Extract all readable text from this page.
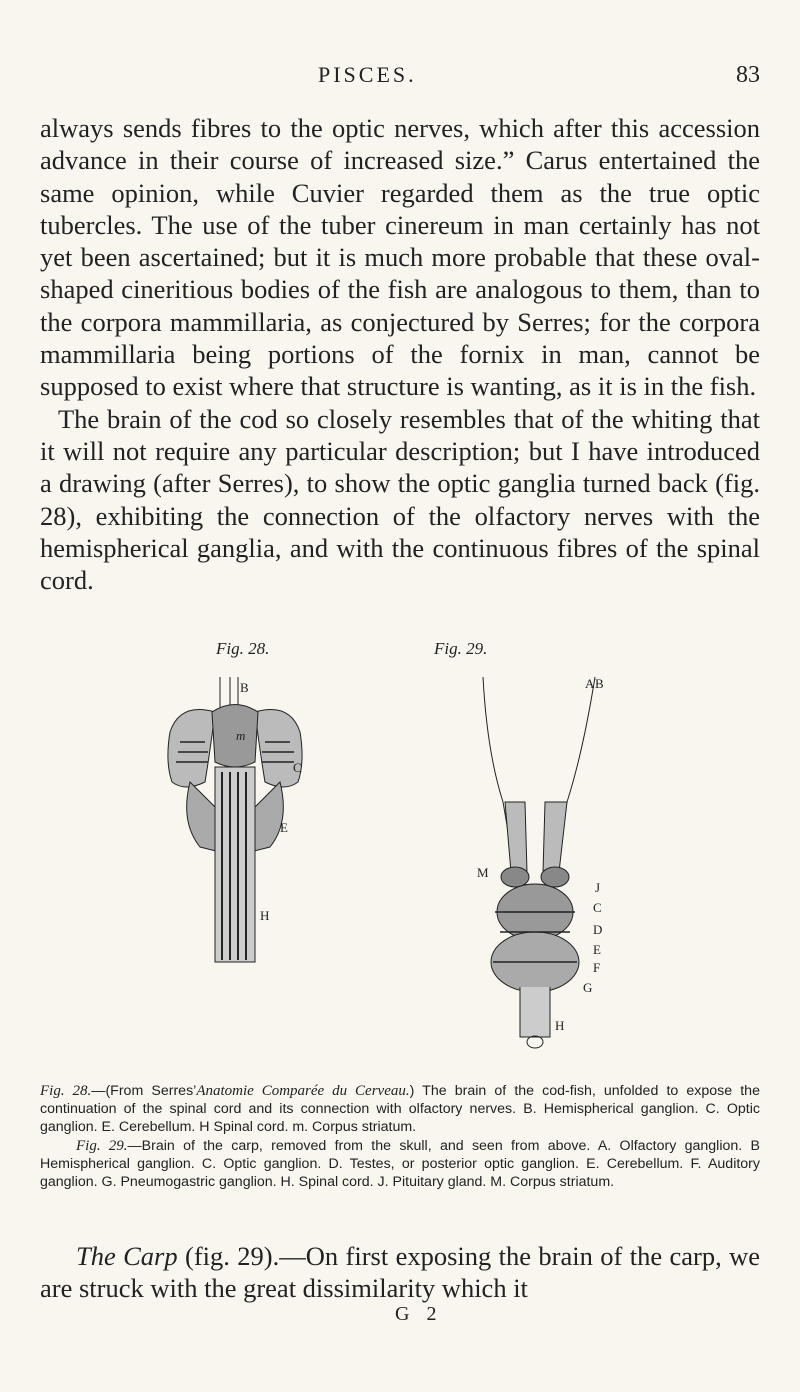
PISCES.	83

always sends fibres to the optic nerves, which after this accession advance in their course of increased size.” Carus entertained the same opinion, while Cuvier regarded them as the true optic tubercles. The use of the tuber cinereum in man certainly has not yet been ascertained; but it is much more probable that these oval-shaped cineritious bodies of the fish are analogous to them, than to the corpora mammillaria, as conjectured by Serres; for the corpora mammillaria being portions of the fornix in man, cannot be supposed to exist where that structure is wanting, as it is in the fish.

The brain of the cod so closely resembles that of the whiting that it will not require any particular description; but I have introduced a drawing (after Serres), to show the optic ganglia turned back (fig. 28), exhibiting the connection of the olfactory nerves with the hemispherical ganglia, and with the continuous fibres of the spinal cord.

Fig. 28.	Fig. 29.
B
m
C
E
H
A B
M
J
C
D
E
F
G
H

Fig. 28.—(From Serres’Anatomie Comparée du Cerveau.) The brain of the cod-fish, unfolded to expose the continuation of the spinal cord and its connection with olfactory nerves. B. Hemispherical ganglion. C. Optic ganglion. E. Cerebellum. H Spinal cord. m. Corpus striatum.

Fig. 29.—Brain of the carp, removed from the skull, and seen from above. A. Olfactory ganglion. B Hemispherical ganglion. C. Optic ganglion. D. Testes, or posterior optic ganglion. E. Cerebellum. F. Auditory ganglion. G. Pneumogastric ganglion. H. Spinal cord. J. Pituitary gland. M. Corpus striatum.

The Carp (fig. 29).—On first exposing the brain of the carp, we are struck with the great dissimilarity which it
G 2
